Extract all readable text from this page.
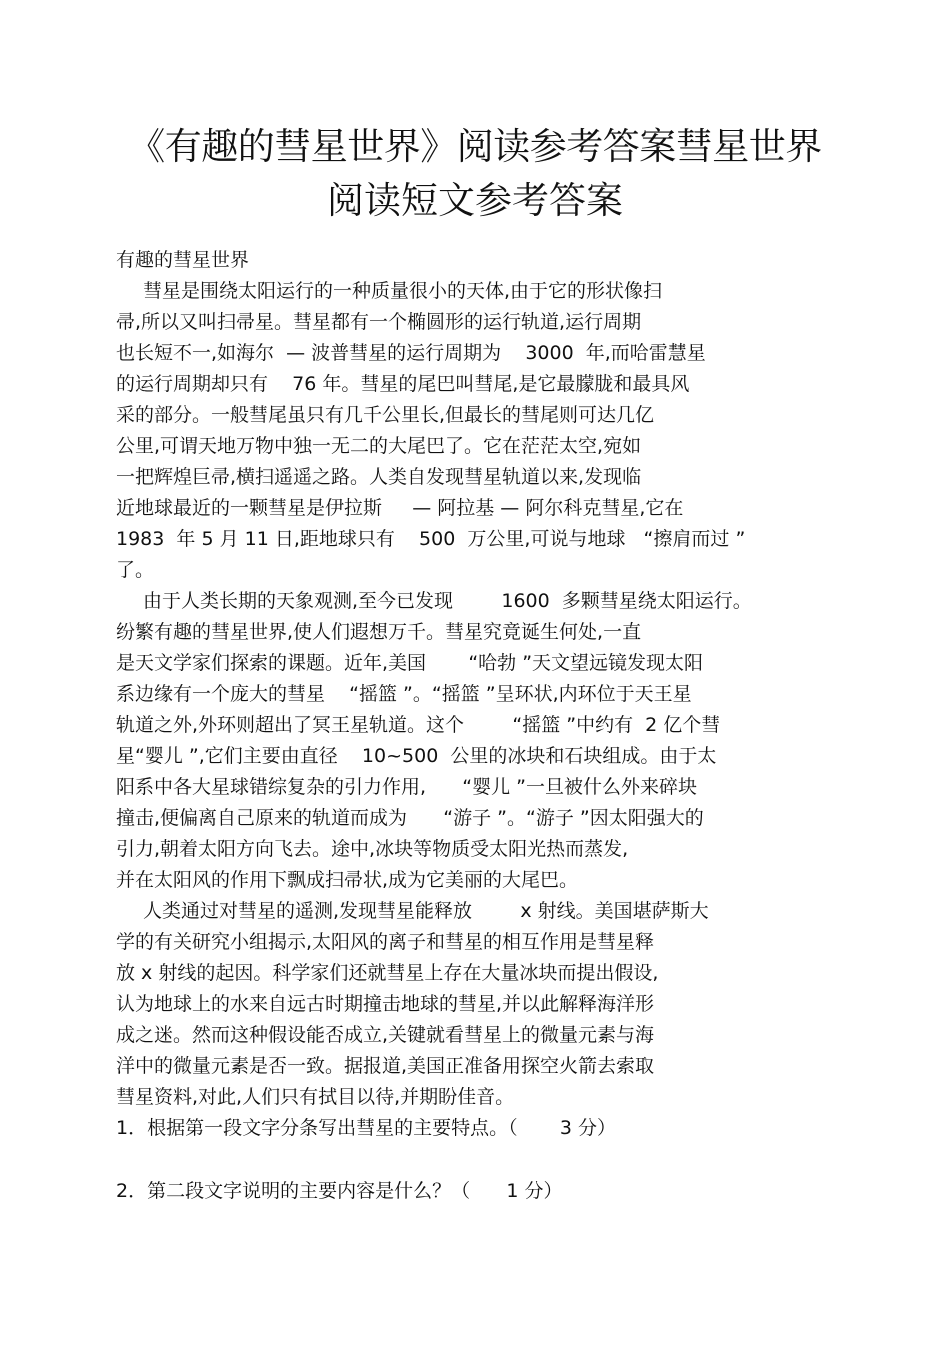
《有趣的彗星世界》阅读参考答案彗星世界
阅读短文参考答案
有趣的彗星世界
彗星是围绕太阳运行的一种质量很小的天体,由于它的形状像扫
帚,所以又叫扫帚星。彗星都有一个椭圆形的运行轨道,运行周期
也长短不一,如海尔  — 波普彗星的运行周期为    3000  年,而哈雷慧星
的运行周期却只有    76 年。彗星的尾巴叫彗尾,是它最朦胧和最具风
采的部分。一般彗尾虽只有几千公里长,但最长的彗尾则可达几亿
公里,可谓天地万物中独一无二的大尾巴了。它在茫茫太空,宛如
一把辉煌巨帚,横扫遥遥之路。人类自发现彗星轨道以来,发现临
近地球最近的一颗彗星是伊拉斯     — 阿拉基 — 阿尔科克彗星,它在
1983  年 5 月 11 日,距地球只有    500  万公里,可说与地球   “擦肩而过 ”
了。
由于人类长期的天象观测,至今已发现        1600  多颗彗星绕太阳运行。
纷繁有趣的彗星世界,使人们遐想万千。彗星究竟诞生何处,一直
是天文学家们探索的课题。近年,美国       “哈勃 ”天文望远镜发现太阳
系边缘有一个庞大的彗星    “摇篮 ”。“摇篮 ”呈环状,内环位于天王星
轨道之外,外环则超出了冥王星轨道。这个        “摇篮 ”中约有  2 亿个彗
星“婴儿 ”,它们主要由直径    10~500  公里的冰块和石块组成。由于太
阳系中各大星球错综复杂的引力作用,      “婴儿 ”一旦被什么外来碎块
撞击,便偏离自己原来的轨道而成为      “游子 ”。“游子 ”因太阳强大的
引力,朝着太阳方向飞去。途中,冰块等物质受太阳光热而蒸发,
并在太阳风的作用下飘成扫帚状,成为它美丽的大尾巴。
人类通过对彗星的遥测,发现彗星能释放        x 射线。美国堪萨斯大
学的有关研究小组揭示,太阳风的离子和彗星的相互作用是彗星释
放 x 射线的起因。科学家们还就彗星上存在大量冰块而提出假设,
认为地球上的水来自远古时期撞击地球的彗星,并以此解释海洋形
成之迷。然而这种假设能否成立,关键就看彗星上的微量元素与海
洋中的微量元素是否一致。据报道,美国正准备用探空火箭去索取
彗星资料,对此,人们只有拭目以待,并期盼佳音。
1．根据第一段文字分条写出彗星的主要特点。（       3 分）
2．第二段文字说明的主要内容是什么？（      1 分）
